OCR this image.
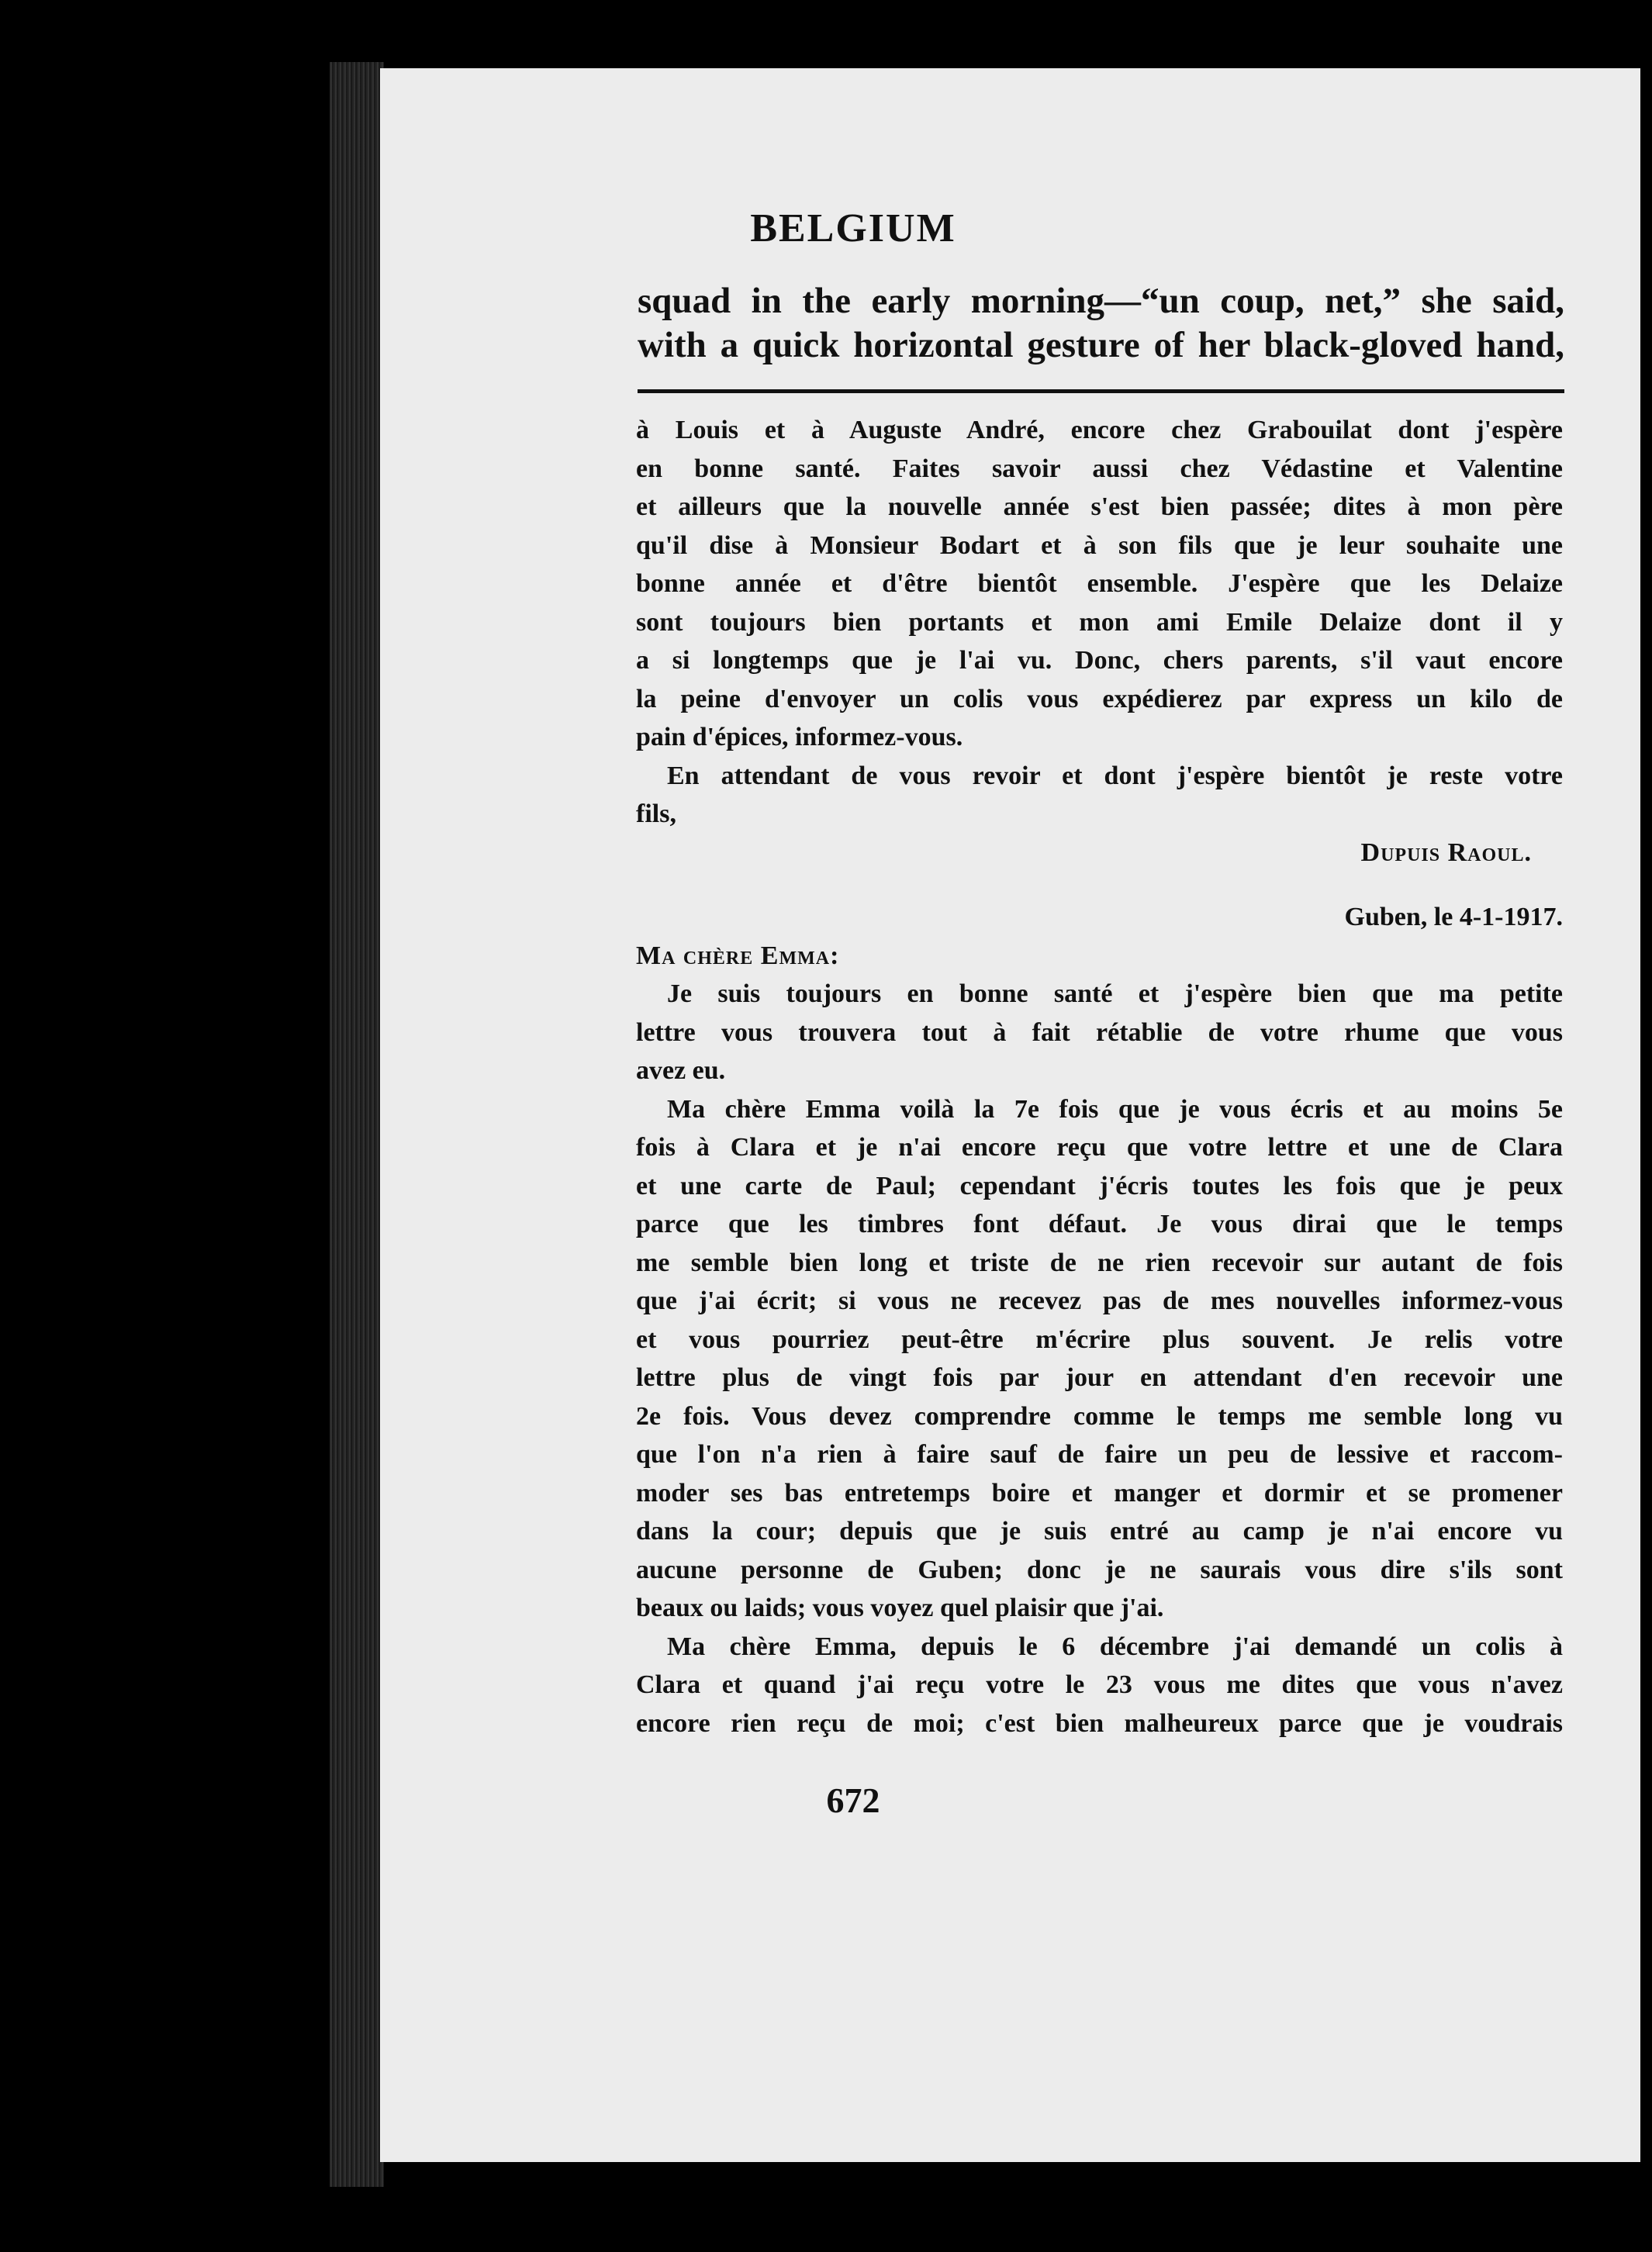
BELGIUM
squad in the early morning—“un coup, net,” she said,
with a quick horizontal gesture of her black-gloved hand,
à Louis et à Auguste André, encore chez Grabouilat dont j'espère
en bonne santé. Faites savoir aussi chez Védastine et Valentine
et ailleurs que la nouvelle année s'est bien passée; dites à mon père
qu'il dise à Monsieur Bodart et à son fils que je leur souhaite une
bonne année et d'être bientôt ensemble. J'espère que les Delaize
sont toujours bien portants et mon ami Emile Delaize dont il y
a si longtemps que je l'ai vu. Donc, chers parents, s'il vaut encore
la peine d'envoyer un colis vous expédierez par express un kilo de
pain d'épices, informez-vous.
En attendant de vous revoir et dont j'espère bientôt je reste votre
fils,
Dupuis Raoul.
Guben, le 4-1-1917.
Ma chère Emma:
Je suis toujours en bonne santé et j'espère bien que ma petite
lettre vous trouvera tout à fait rétablie de votre rhume que vous
avez eu.
Ma chère Emma voilà la 7e fois que je vous écris et au moins 5e
fois à Clara et je n'ai encore reçu que votre lettre et une de Clara
et une carte de Paul; cependant j'écris toutes les fois que je peux
parce que les timbres font défaut. Je vous dirai que le temps
me semble bien long et triste de ne rien recevoir sur autant de fois
que j'ai écrit; si vous ne recevez pas de mes nouvelles informez-vous
et vous pourriez peut-être m'écrire plus souvent. Je relis votre
lettre plus de vingt fois par jour en attendant d'en recevoir une
2e fois. Vous devez comprendre comme le temps me semble long vu
que l'on n'a rien à faire sauf de faire un peu de lessive et raccom-
moder ses bas entretemps boire et manger et dormir et se promener
dans la cour; depuis que je suis entré au camp je n'ai encore vu
aucune personne de Guben; donc je ne saurais vous dire s'ils sont
beaux ou laids; vous voyez quel plaisir que j'ai.
Ma chère Emma, depuis le 6 décembre j'ai demandé un colis à
Clara et quand j'ai reçu votre le 23 vous me dites que vous n'avez
encore rien reçu de moi; c'est bien malheureux parce que je voudrais
672
